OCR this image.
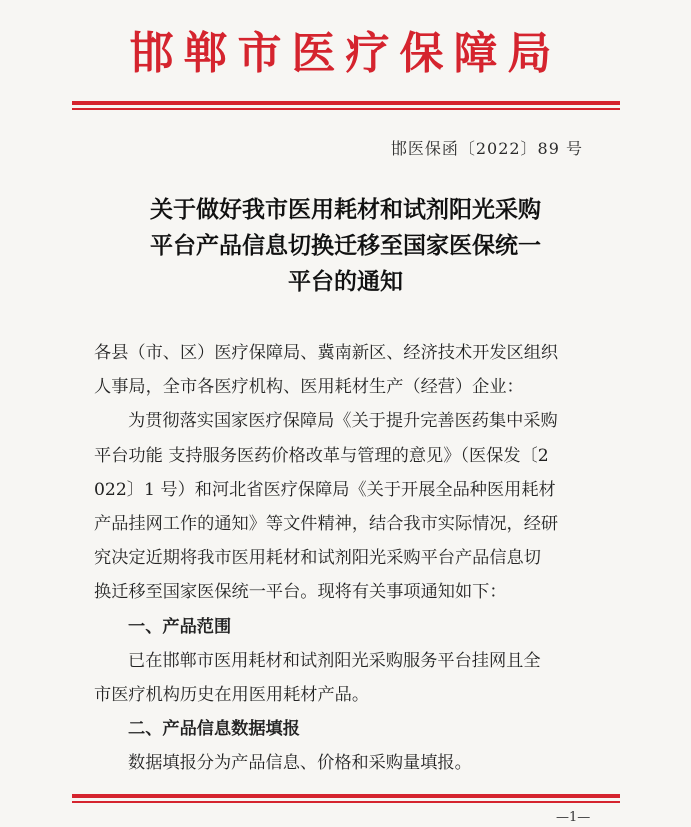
邯郸市医疗保障局
邯医保函〔2022〕89 号
关于做好我市医用耗材和试剂阳光采购
平台产品信息切换迁移至国家医保统一
平台的通知

各县（市、区）医疗保障局、冀南新区、经济技术开发区组织
人事局，全市各医疗机构、医用耗材生产（经营）企业：

为贯彻落实国家医疗保障局《关于提升完善医药集中采购
平台功能 支持服务医药价格改革与管理的意见》（医保发〔2
022〕1 号）和河北省医疗保障局《关于开展全品种医用耗材
产品挂网工作的通知》等文件精神，结合我市实际情况，经研
究决定近期将我市医用耗材和试剂阳光采购平台产品信息切
换迁移至国家医保统一平台。现将有关事项通知如下：

一、产品范围

已在邯郸市医用耗材和试剂阳光采购服务平台挂网且全
市医疗机构历史在用医用耗材产品。

二、产品信息数据填报

数据填报分为产品信息、价格和采购量填报。

—1—
